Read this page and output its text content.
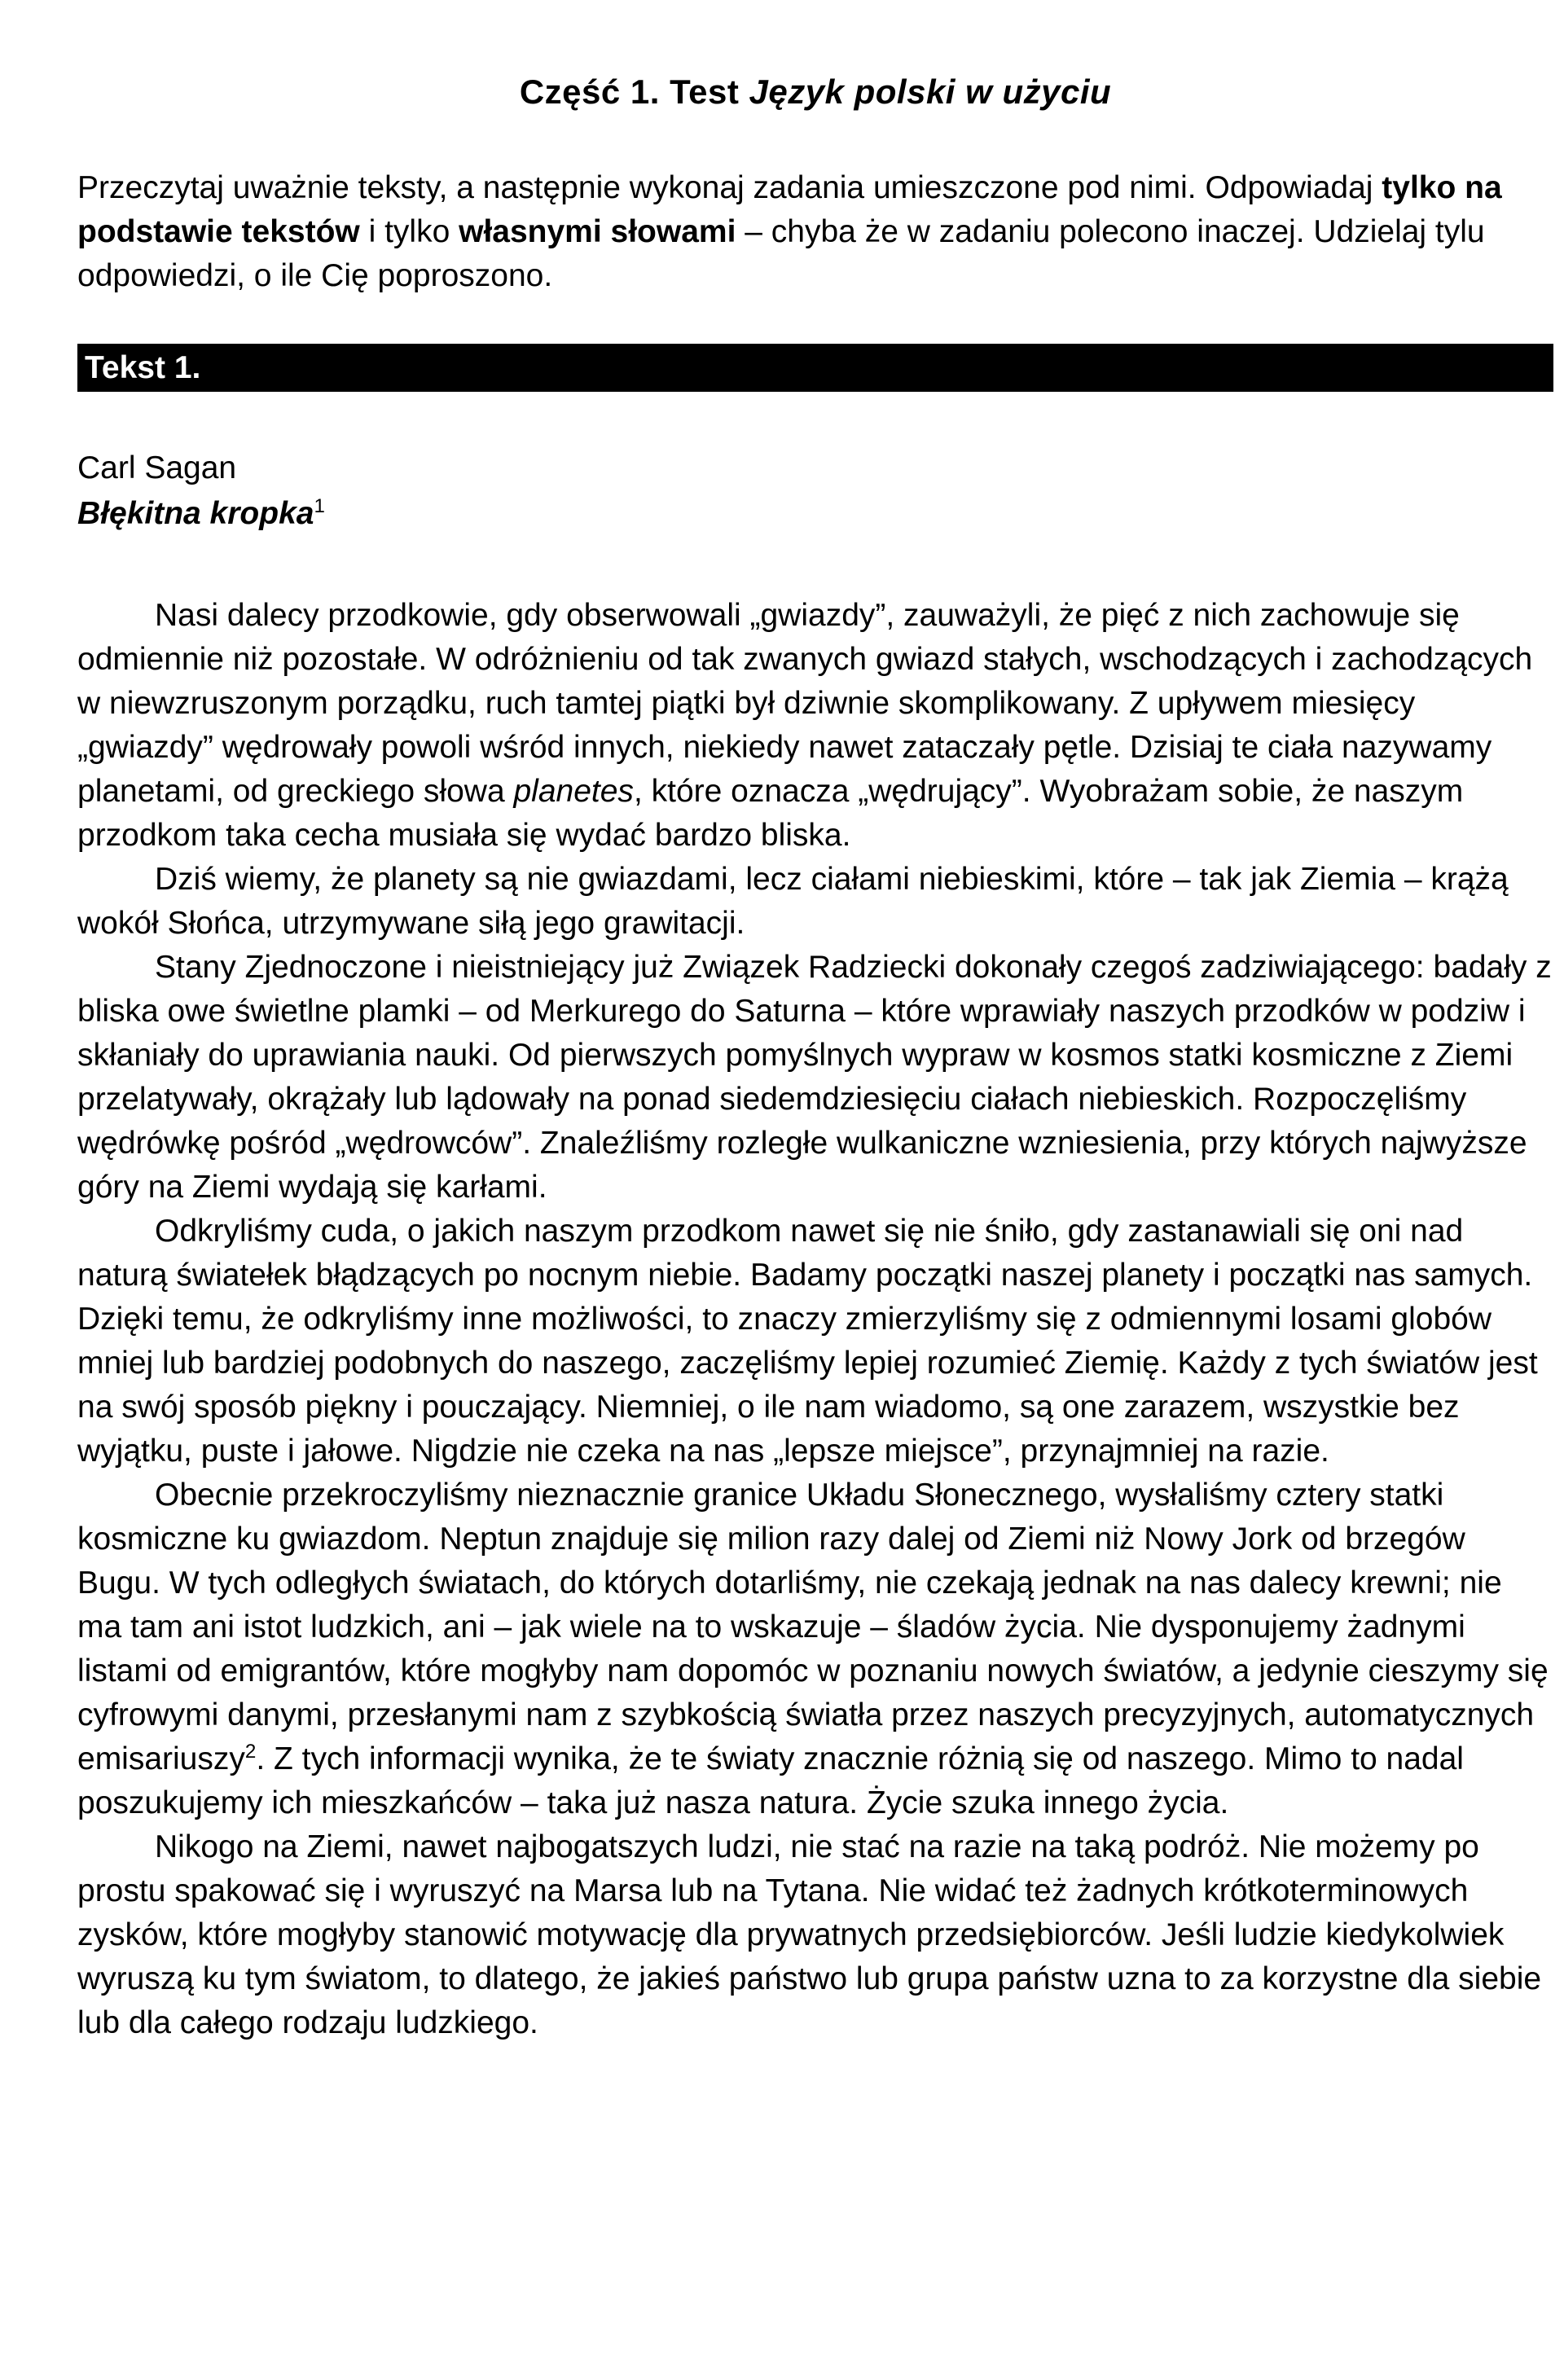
Część 1. Test Język polski w użyciu
Przeczytaj uważnie teksty, a następnie wykonaj zadania umieszczone pod nimi. Odpowiadaj tylko na podstawie tekstów i tylko własnymi słowami – chyba że w zadaniu polecono inaczej. Udzielaj tylu odpowiedzi, o ile Cię poproszono.
Tekst 1.
Carl Sagan
Błękitna kropka$^1$

Nasi dalecy przodkowie, gdy obserwowali „gwiazdy”, zauważyli, że pięć z nich zachowuje się odmiennie niż pozostałe. W odróżnieniu od tak zwanych gwiazd stałych, wschodzących i zachodzących w niewzruszonym porządku, ruch tamtej piątki był dziwnie skomplikowany. Z upływem miesięcy „gwiazdy” wędrowały powoli wśród innych, niekiedy nawet zataczały pętle. Dzisiaj te ciała nazywamy planetami, od greckiego słowa planetes, które oznacza „wędrujący”. Wyobrażam sobie, że naszym przodkom taka cecha musiała się wydać bardzo bliska.

Dziś wiemy, że planety są nie gwiazdami, lecz ciałami niebieskimi, które – tak jak Ziemia – krążą wokół Słońca, utrzymywane siłą jego grawitacji.

Stany Zjednoczone i nieistniejący już Związek Radziecki dokonały czegoś zadziwiającego: badały z bliska owe świetlne plamki – od Merkurego do Saturna – które wprawiały naszych przodków w podziw i skłaniały do uprawiania nauki. Od pierwszych pomyślnych wypraw w kosmos statki kosmiczne z Ziemi przelatywały, okrążały lub lądowały na ponad siedemdziesięciu ciałach niebieskich. Rozpoczęliśmy wędrówkę pośród „wędrowców”. Znaleźliśmy rozległe wulkaniczne wzniesienia, przy których najwyższe góry na Ziemi wydają się karłami.

Odkryliśmy cuda, o jakich naszym przodkom nawet się nie śniło, gdy zastanawiali się oni nad naturą światełek błądzących po nocnym niebie. Badamy początki naszej planety i początki nas samych. Dzięki temu, że odkryliśmy inne możliwości, to znaczy zmierzyliśmy się z odmiennymi losami globów mniej lub bardziej podobnych do naszego, zaczęliśmy lepiej rozumieć Ziemię. Każdy z tych światów jest na swój sposób piękny i pouczający. Niemniej, o ile nam wiadomo, są one zarazem, wszystkie bez wyjątku, puste i jałowe. Nigdzie nie czeka na nas „lepsze miejsce”, przynajmniej na razie.

Obecnie przekroczyliśmy nieznacznie granice Układu Słonecznego, wysłaliśmy cztery statki kosmiczne ku gwiazdom. Neptun znajduje się milion razy dalej od Ziemi niż Nowy Jork od brzegów Bugu. W tych odległych światach, do których dotarliśmy, nie czekają jednak na nas dalecy krewni; nie ma tam ani istot ludzkich, ani – jak wiele na to wskazuje – śladów życia. Nie dysponujemy żadnymi listami od emigrantów, które mogłyby nam dopomóc w poznaniu nowych światów, a jedynie cieszymy się cyfrowymi danymi, przesłanymi nam z szybkością światła przez naszych precyzyjnych, automatycznych emisariuszy$^2$. Z tych informacji wynika, że te światy znacznie różnią się od naszego. Mimo to nadal poszukujemy ich mieszkańców – taka już nasza natura. Życie szuka innego życia.

Nikogo na Ziemi, nawet najbogatszych ludzi, nie stać na razie na taką podróż. Nie możemy po prostu spakować się i wyruszyć na Marsa lub na Tytana. Nie widać też żadnych krótkoterminowych zysków, które mogłyby stanowić motywację dla prywatnych przedsiębiorców. Jeśli ludzie kiedykolwiek wyruszą ku tym światom, to dlatego, że jakieś państwo lub grupa państw uzna to za korzystne dla siebie lub dla całego rodzaju ludzkiego.
